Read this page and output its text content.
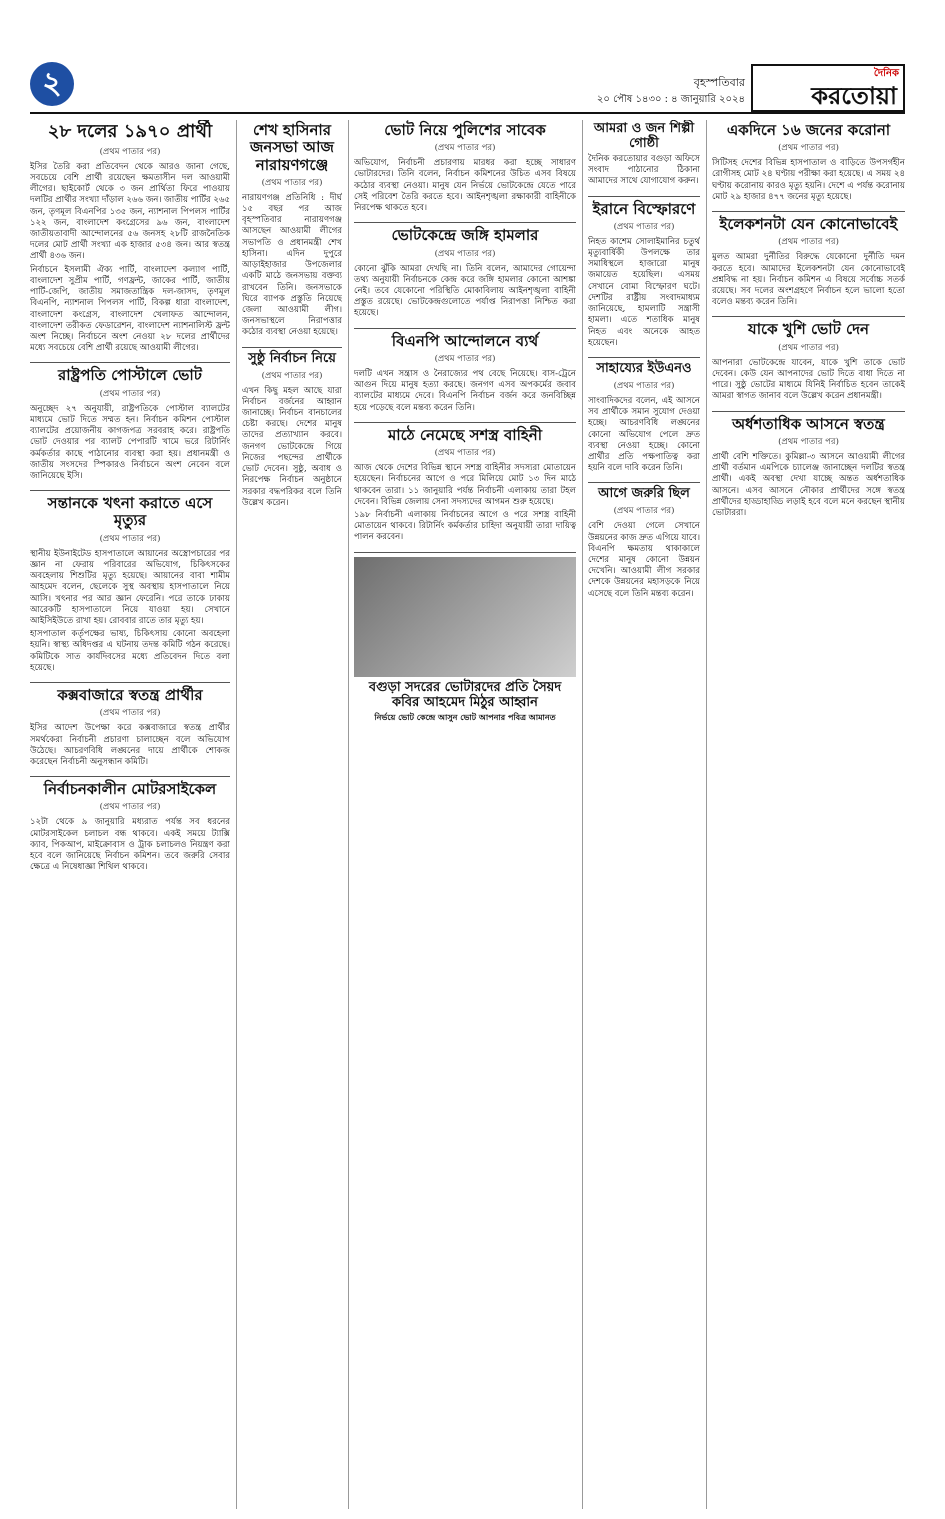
২	বৃহস্পতিবার
২০ পৌষ ১৪৩০ : ৪ জানুয়ারি ২০২৪
দৈনিক
করতোয়া
২৮ দলের ১৯৭০ প্রার্থী
(প্রথম পাতার পর)

ইসির তৈরি করা প্রতিবেদন থেকে আরও জানা গেছে, সবচেয়ে বেশি প্রার্থী রয়েছেন ক্ষমতাসীন দল আওয়ামী লীগের। ছাইকোর্ট থেকে ৩ জন প্রার্থিতা ফিরে পাওয়ায় দলটির প্রার্থীর সংখ্যা দাঁড়াল ২৬৬ জন। জাতীয় পার্টির ২৬৫ জন, তৃণমূল বিএনপির ১৩৫ জন, ন্যাশনাল পিপলস পার্টির ১২২ জন, বাংলাদেশ কংগ্রেসের ৯৬ জন, বাংলাদেশ জাতীয়তাবাদী আন্দোলনের ৫৬ জনসহ ২৮টি রাজনৈতিক দলের মোট প্রার্থী সংখ্যা এক হাজার ৫৩৪ জন। আর স্বতন্ত্র প্রার্থী ৪৩৬ জন।

নির্বাচনে ইসলামী ঐক্য পার্টি, বাংলাদেশ কল্যাণ পার্টি, বাংলাদেশ সুপ্রীম পার্টি, গণফ্রন্ট, জাকের পার্টি, জাতীয় পার্টি-জেপি, জাতীয় সমাজতান্ত্রিক দল-জাসদ, তৃণমূল বিএনপি, ন্যাশনাল পিপলস পার্টি, বিকল্প ধারা বাংলাদেশ, বাংলাদেশ কংগ্রেস, বাংলাদেশ খেলাফত আন্দোলন, বাংলাদেশ তরীকত ফেডারেশন, বাংলাদেশ ন্যাশনালিস্ট ফ্রন্ট অংশ নিচ্ছে। নির্বাচনে অংশ নেওয়া ২৮ দলের প্রার্থীদের মধ্যে সবচেয়ে বেশি প্রার্থী রয়েছে আওয়ামী লীগের।

রাষ্ট্রপতি পোস্টালে ভোট
(প্রথম পাতার পর)

অনুচ্ছেদ ২৭ অনুযায়ী, রাষ্ট্রপতিকে পোস্টাল ব্যালটের মাধ্যমে ভোট দিতে সম্মত হন। নির্বাচন কমিশন পোস্টাল ব্যালটের প্রয়োজনীয় কাগজপত্র সরবরাহ করে। রাষ্ট্রপতি ভোট দেওয়ার পর ব্যালট পেপারটি খামে ভরে রিটার্নিং কর্মকর্তার কাছে পাঠানোর ব্যবস্থা করা হয়। প্রধানমন্ত্রী ও জাতীয় সংসদের স্পিকারও নির্বাচনে অংশ নেবেন বলে জানিয়েছে ইসি।

সন্তানকে খৎনা করাতে এসে মৃত্যুর
(প্রথম পাতার পর)

স্থানীয় ইউনাইটেড হাসপাতালে আয়ানের অস্ত্রোপচারের পর জ্ঞান না ফেরায় পরিবারের অভিযোগ, চিকিৎসকের অবহেলায় শিশুটির মৃত্যু হয়েছে। আয়ানের বাবা শামীম আহমেদ বলেন, ছেলেকে সুস্থ অবস্থায় হাসপাতালে নিয়ে আসি। খৎনার পর আর জ্ঞান ফেরেনি। পরে তাকে ঢাকায় আরেকটি হাসপাতালে নিয়ে যাওয়া হয়। সেখানে আইসিইউতে রাখা হয়। রোববার রাতে তার মৃত্যু হয়।

হাসপাতাল কর্তৃপক্ষের ভাষ্য, চিকিৎসায় কোনো অবহেলা হয়নি। স্বাস্থ্য অধিদপ্তর এ ঘটনায় তদন্ত কমিটি গঠন করেছে। কমিটিকে সাত কার্যদিবসের মধ্যে প্রতিবেদন দিতে বলা হয়েছে।

কক্সবাজারে স্বতন্ত্র প্রার্থীর
(প্রথম পাতার পর)

ইসির আদেশ উপেক্ষা করে কক্সবাজারে স্বতন্ত্র প্রার্থীর সমর্থকেরা নির্বাচনী প্রচারণা চালাচ্ছেন বলে অভিযোগ উঠেছে। আচরণবিধি লঙ্ঘনের দায়ে প্রার্থীকে শোকজ করেছেন নির্বাচনী অনুসন্ধান কমিটি।

নির্বাচনকালীন মোটরসাইকেল
(প্রথম পাতার পর)

১২টা থেকে ৯ জানুয়ারি মধ্যরাত পর্যন্ত সব ধরনের মোটরসাইকেল চলাচল বন্ধ থাকবে। একই সময়ে ট্যাক্সি ক্যাব, পিকআপ, মাইক্রোবাস ও ট্রাক চলাচলও নিয়ন্ত্রণ করা হবে বলে জানিয়েছে নির্বাচন কমিশন। তবে জরুরি সেবার ক্ষেত্রে এ নিষেধাজ্ঞা শিথিল থাকবে।

শেখ হাসিনার জনসভা আজ নারায়ণগঞ্জে
(প্রথম পাতার পর)

নারায়ণগঞ্জ প্রতিনিধি : দীর্ঘ ১৫ বছর পর আজ বৃহস্পতিবার নারায়ণগঞ্জ আসছেন আওয়ামী লীগের সভাপতি ও প্রধানমন্ত্রী শেখ হাসিনা। এদিন দুপুরে আড়াইহাজার উপজেলার একটি মাঠে জনসভায় বক্তব্য রাখবেন তিনি। জনসভাকে ঘিরে ব্যাপক প্রস্তুতি নিয়েছে জেলা আওয়ামী লীগ। জনসভাস্থলে নিরাপত্তার কঠোর ব্যবস্থা নেওয়া হয়েছে।

সুষ্ঠু নির্বাচন নিয়ে
(প্রথম পাতার পর)

এখন কিছু মহল আছে যারা নির্বাচন বর্জনের আহ্বান জানাচ্ছে। নির্বাচন বানচালের চেষ্টা করছে। দেশের মানুষ তাদের প্রত্যাখ্যান করবে। জনগণ ভোটকেন্দ্রে গিয়ে নিজের পছন্দের প্রার্থীকে ভোট দেবেন। সুষ্ঠু, অবাধ ও নিরপেক্ষ নির্বাচন অনুষ্ঠানে সরকার বদ্ধপরিকর বলে তিনি উল্লেখ করেন।

ভোট নিয়ে পুলিশের সাবেক
(প্রথম পাতার পর)

অভিযোগ, নির্বাচনী প্রচারণায় মারধর করা হচ্ছে সাধারণ ভোটারদের। তিনি বলেন, নির্বাচন কমিশনের উচিত এসব বিষয়ে কঠোর ব্যবস্থা নেওয়া। মানুষ যেন নির্ভয়ে ভোটকেন্দ্রে যেতে পারে সেই পরিবেশ তৈরি করতে হবে। আইনশৃঙ্খলা রক্ষাকারী বাহিনীকে নিরপেক্ষ থাকতে হবে।

ভোটকেন্দ্রে জঙ্গি হামলার
(প্রথম পাতার পর)

কোনো ঝুঁকি আমরা দেখছি না। তিনি বলেন, আমাদের গোয়েন্দা তথ্য অনুযায়ী নির্বাচনকে কেন্দ্র করে জঙ্গি হামলার কোনো আশঙ্কা নেই। তবে যেকোনো পরিস্থিতি মোকাবিলায় আইনশৃঙ্খলা বাহিনী প্রস্তুত রয়েছে। ভোটকেন্দ্রগুলোতে পর্যাপ্ত নিরাপত্তা নিশ্চিত করা হয়েছে।

বিএনপি আন্দোলনে ব্যর্থ
(প্রথম পাতার পর)

দলটি এখন সন্ত্রাস ও নৈরাজ্যের পথ বেছে নিয়েছে। বাস-ট্রেনে আগুন দিয়ে মানুষ হত্যা করছে। জনগণ এসব অপকর্মের জবাব ব্যালটের মাধ্যমে দেবে। বিএনপি নির্বাচন বর্জন করে জনবিচ্ছিন্ন হয়ে পড়েছে বলে মন্তব্য করেন তিনি।

মাঠে নেমেছে সশস্ত্র বাহিনী
(প্রথম পাতার পর)

আজ থেকে দেশের বিভিন্ন স্থানে সশস্ত্র বাহিনীর সদস্যরা মোতায়েন হয়েছেন। নির্বাচনের আগে ও পরে মিলিয়ে মোট ১৩ দিন মাঠে থাকবেন তারা। ১১ জানুয়ারি পর্যন্ত নির্বাচনী এলাকায় তারা টহল দেবেন। বিভিন্ন জেলায় সেনা সদস্যদের আগমন শুরু হয়েছে।

১৯৮ নির্বাচনী এলাকায় নির্বাচনের আগে ও পরে সশস্ত্র বাহিনী মোতায়েন থাকবে। রিটার্নিং কর্মকর্তার চাহিদা অনুযায়ী তারা দায়িত্ব পালন করবেন।

বগুড়া সদরের ভোটারদের প্রতি সৈয়দ কবির আহমেদ মিঠুর আহ্বান
নির্ভয়ে ভোট কেন্দ্রে আসুন ভোট আপনার পবিত্র আমানত
আমরা ও জন শিল্পী গোষ্ঠী

দৈনিক করতোয়ার বগুড়া অফিসে সংবাদ পাঠানোর ঠিকানা আমাদের সাথে যোগাযোগ করুন।

ইরানে বিস্ফোরণে
(প্রথম পাতার পর)

নিহত কাশেম সোলাইমানির চতুর্থ মৃত্যুবার্ষিকী উপলক্ষে তার সমাধিস্থলে হাজারো মানুষ জমায়েত হয়েছিল। এসময় সেখানে বোমা বিস্ফোরণ ঘটে। দেশটির রাষ্ট্রীয় সংবাদমাধ্যম জানিয়েছে, হামলাটি সন্ত্রাসী হামলা। এতে শতাধিক মানুষ নিহত এবং অনেকে আহত হয়েছেন।

সাহায্যের ইউএনও
(প্রথম পাতার পর)

সাংবাদিকদের বলেন, এই আসনে সব প্রার্থীকে সমান সুযোগ দেওয়া হচ্ছে। আচরণবিধি লঙ্ঘনের কোনো অভিযোগ পেলে দ্রুত ব্যবস্থা নেওয়া হচ্ছে। কোনো প্রার্থীর প্রতি পক্ষপাতিত্ব করা হয়নি বলে দাবি করেন তিনি।

আগে জরুরি ছিল
(প্রথম পাতার পর)

বেশি দেওয়া গেলে সেখানে উন্নয়নের কাজ দ্রুত এগিয়ে যাবে। বিএনপি ক্ষমতায় থাকাকালে দেশের মানুষ কোনো উন্নয়ন দেখেনি। আওয়ামী লীগ সরকার দেশকে উন্নয়নের মহাসড়কে নিয়ে এসেছে বলে তিনি মন্তব্য করেন।

একদিনে ১৬ জনের করোনা
(প্রথম পাতার পর)

সিটিসহ দেশের বিভিন্ন হাসপাতাল ও বাড়িতে উপসর্গহীন রোগীসহ মোট ২৪ ঘণ্টায় পরীক্ষা করা হয়েছে। এ সময় ২৪ ঘণ্টায় করোনায় কারও মৃত্যু হয়নি। দেশে এ পর্যন্ত করোনায় মোট ২৯ হাজার ৪৭৭ জনের মৃত্যু হয়েছে।

ইলেকশনটা যেন কোনোভাবেই
(প্রথম পাতার পর)

মুলত আমরা দুর্নীতির বিরুদ্ধে যেকোনো দুর্নীতি দমন করতে হবে। আমাদের ইলেকশনটা যেন কোনোভাবেই প্রশ্নবিদ্ধ না হয়। নির্বাচন কমিশন এ বিষয়ে সর্বোচ্চ সতর্ক রয়েছে। সব দলের অংশগ্রহণে নির্বাচন হলে ভালো হতো বলেও মন্তব্য করেন তিনি।

যাকে খুশি ভোট দেন
(প্রথম পাতার পর)

আপনারা ভোটকেন্দ্রে যাবেন, যাকে খুশি তাকে ভোট দেবেন। কেউ যেন আপনাদের ভোট দিতে বাধা দিতে না পারে। সুষ্ঠু ভোটের মাধ্যমে যিনিই নির্বাচিত হবেন তাকেই আমরা স্বাগত জানাব বলে উল্লেখ করেন প্রধানমন্ত্রী।

অর্ধশতাধিক আসনে স্বতন্ত্র
(প্রথম পাতার পর)

প্রার্থী বেশি শক্তিতে। কুমিল্লা-৩ আসনে আওয়ামী লীগের প্রার্থী বর্তমান এমপিকে চ্যালেঞ্জ জানাচ্ছেন দলটির স্বতন্ত্র প্রার্থী। একই অবস্থা দেখা যাচ্ছে অন্তত অর্ধশতাধিক আসনে। এসব আসনে নৌকার প্রার্থীদের সঙ্গে স্বতন্ত্র প্রার্থীদের হাড্ডাহাড্ডি লড়াই হবে বলে মনে করছেন স্থানীয় ভোটাররা।
